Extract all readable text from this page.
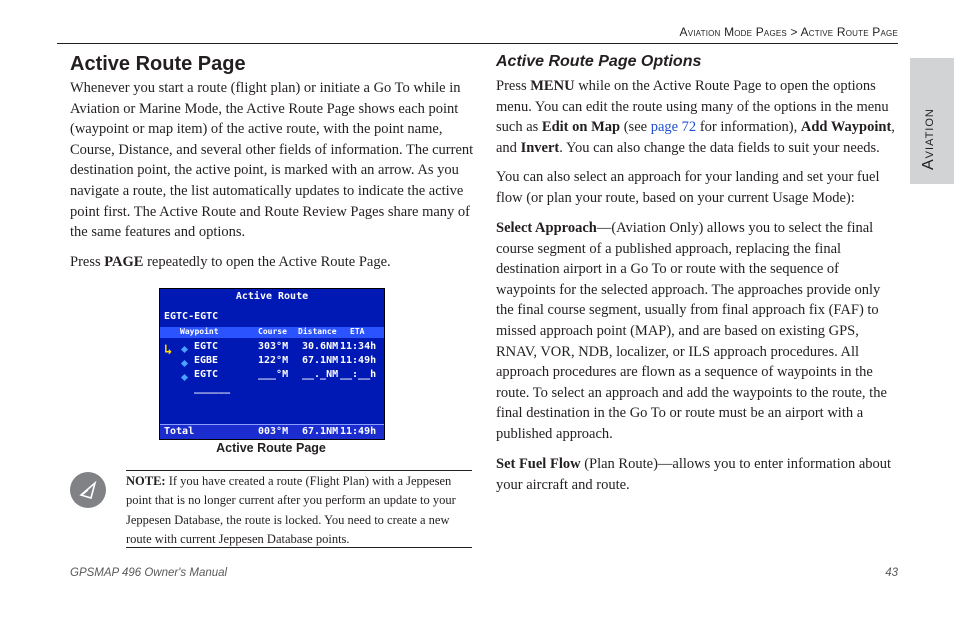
Aviation Mode Pages > Active Route Page
Aviation
Active Route Page

Whenever you start a route (flight plan) or initiate a Go To while in Aviation or Marine Mode, the Active Route Page shows each point (waypoint or map item) of the active route, with the point name, Course, Distance, and several other fields of information. The current destination point, the active point, is marked with an arrow. As you navigate a route, the list automatically updates to indicate the active point first. The Active Route and Route Review Pages share many of the same features and options.

Press PAGE repeatedly to open the Active Route Page.

Active Route
EGTC-EGTC
Waypoint	Course Distance ETA
↳ EGTC	303°M 30.6NM 11:34h
EGBE	122°M 67.1NM 11:49h
EGTC	___°M __._NM __:__h
______
Total	003°M 67.1NM 11:49h
Active Route Page

NOTE: If you have created a route (Flight Plan) with a Jeppesen point that is no longer current after you perform an update to your Jeppesen Database, the route is locked. You need to create a new route with current Jeppesen Database points.

Active Route Page Options

Press MENU while on the Active Route Page to open the options menu. You can edit the route using many of the options in the menu such as Edit on Map (see page 72 for information), Add Waypoint, and Invert. You can also change the data fields to suit your needs.

You can also select an approach for your landing and set your fuel flow (or plan your route, based on your current Usage Mode):

Select Approach—(Aviation Only) allows you to select the final course segment of a published approach, replacing the final destination airport in a Go To or route with the sequence of waypoints for the selected approach. The approaches provide only the final course segment, usually from final approach fix (FAF) to missed approach point (MAP), and are based on existing GPS, RNAV, VOR, NDB, localizer, or ILS approach procedures. All approach procedures are flown as a sequence of waypoints in the route. To select an approach and add the waypoints to the route, the final destination in the Go To or route must be an airport with a published approach.

Set Fuel Flow (Plan Route)—allows you to enter information about your aircraft and route.

GPSMAP 496 Owner's Manual	43
